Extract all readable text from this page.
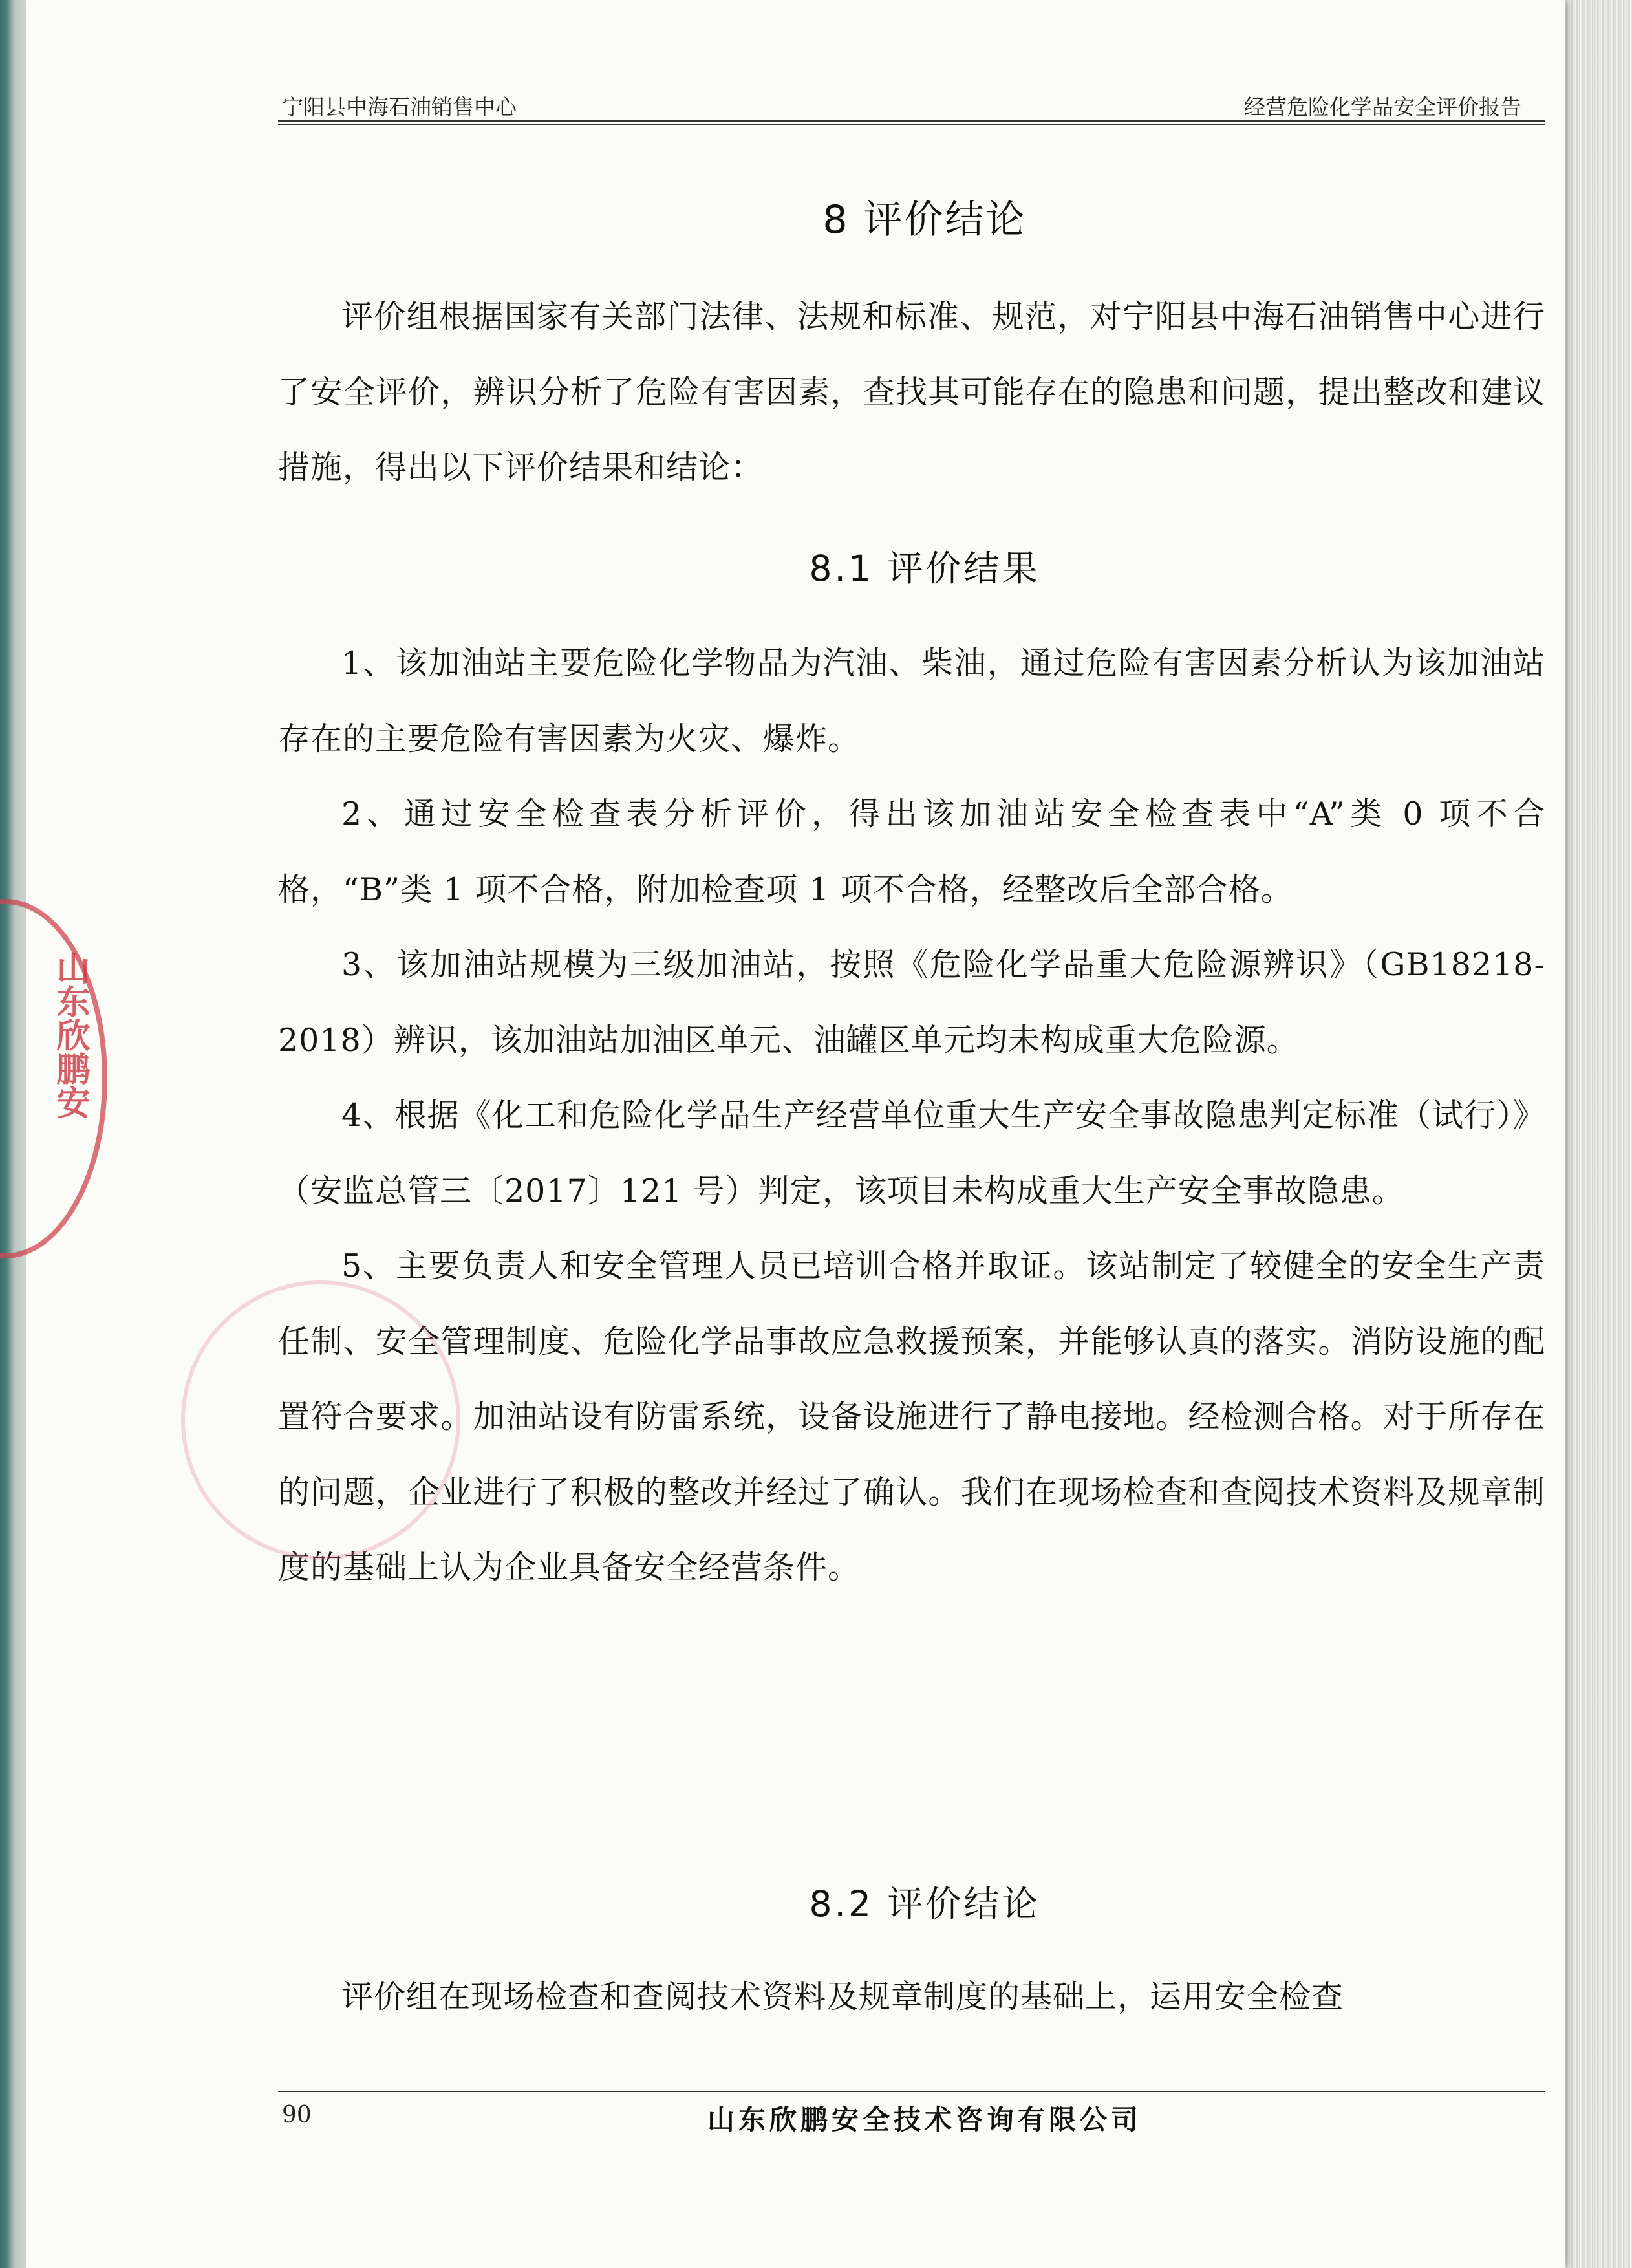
宁阳县中海石油销售中心	经营危险化学品安全评价报告
8 评价结论

评价组根据国家有关部门法律、法规和标准、规范，对宁阳县中海石油销售中心进行了安全评价，辨识分析了危险有害因素，查找其可能存在的隐患和问题，提出整改和建议措施，得出以下评价结果和结论：

8.1 评价结果

1、该加油站主要危险化学物品为汽油、柴油，通过危险有害因素分析认为该加油站存在的主要危险有害因素为火灾、爆炸。

2、通过安全检查表分析评价，得出该加油站安全检查表中“A”类 0 项不合格，“B”类 1 项不合格，附加检查项 1 项不合格，经整改后全部合格。

3、该加油站规模为三级加油站，按照《危险化学品重大危险源辨识》（GB18218-2018）辨识，该加油站加油区单元、油罐区单元均未构成重大危险源。

4、根据《化工和危险化学品生产经营单位重大生产安全事故隐患判定标准（试行）》（安监总管三〔2017〕121 号）判定，该项目未构成重大生产安全事故隐患。

5、主要负责人和安全管理人员已培训合格并取证。该站制定了较健全的安全生产责任制、安全管理制度、危险化学品事故应急救援预案，并能够认真的落实。消防设施的配置符合要求。加油站设有防雷系统，设备设施进行了静电接地。经检测合格。对于所存在的问题，企业进行了积极的整改并经过了确认。我们在现场检查和查阅技术资料及规章制度的基础上认为企业具备安全经营条件。

8.2 评价结论

评价组在现场检查和查阅技术资料及规章制度的基础上，运用安全检查

90	山东欣鹏安全技术咨询有限公司
山东欣鹏安
